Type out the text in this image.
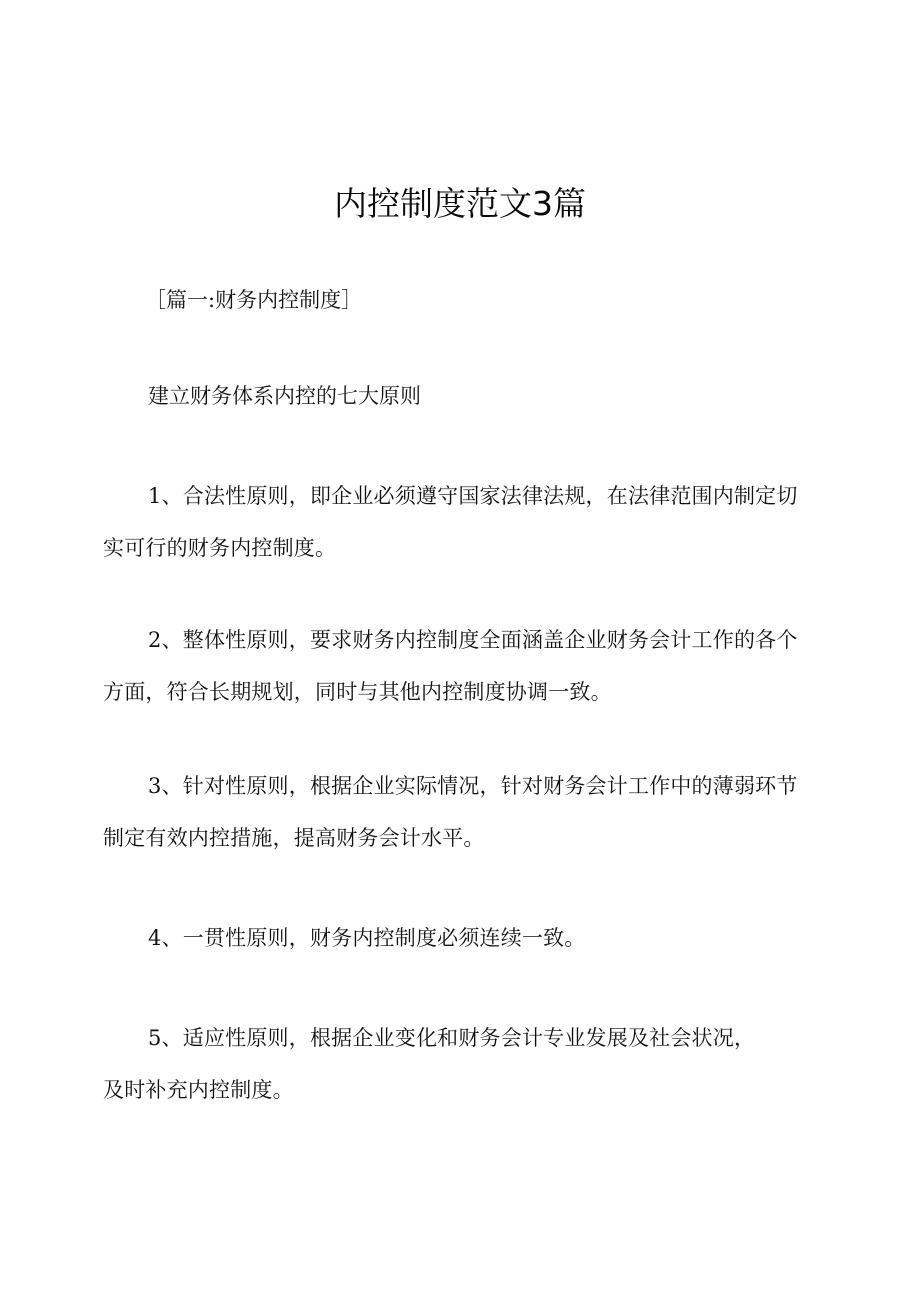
内控制度范文3篇
［篇一:财务内控制度］
建立财务体系内控的七大原则
1、合法性原则，即企业必须遵守国家法律法规，在法律范围内制定切实可行的财务内控制度。
2、整体性原则，要求财务内控制度全面涵盖企业财务会计工作的各个方面，符合长期规划，同时与其他内控制度协调一致。
3、针对性原则，根据企业实际情况，针对财务会计工作中的薄弱环节制定有效内控措施，提高财务会计水平。
4、一贯性原则，财务内控制度必须连续一致。
5、适应性原则，根据企业变化和财务会计专业发展及社会状况，及时补充内控制度。
